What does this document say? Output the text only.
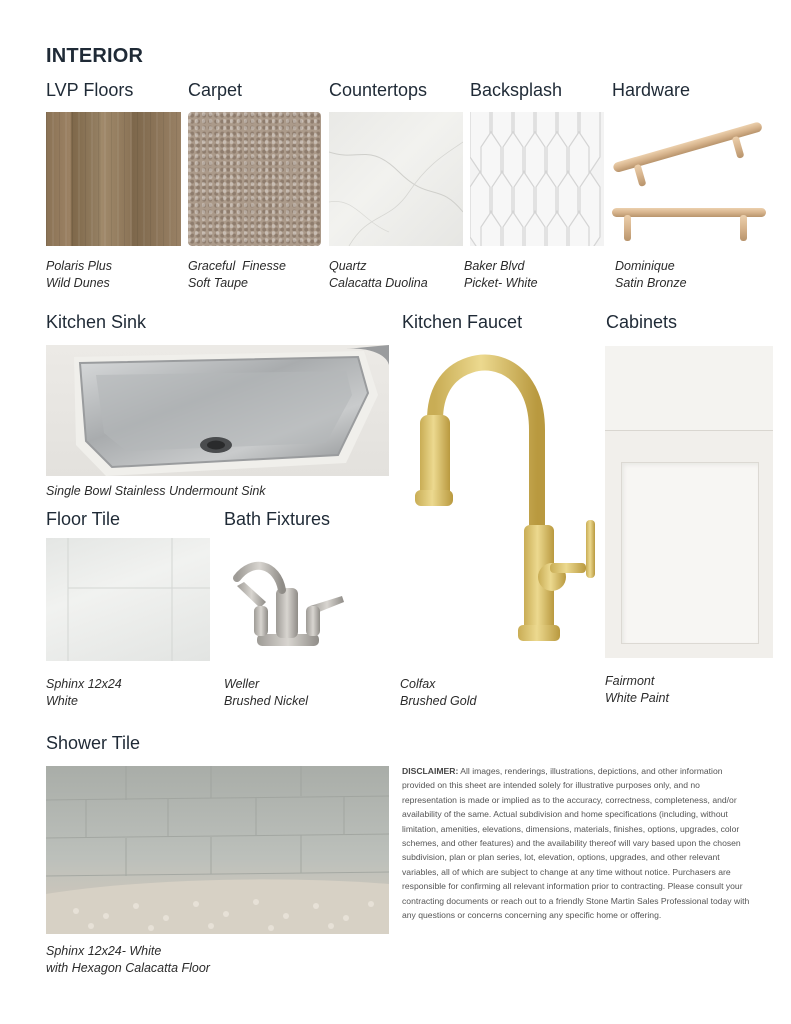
INTERIOR
LVP Floors	Carpet	Countertops Backsplash	Hardware
Polaris Plus
Wild Dunes
Graceful  Finesse
Soft Taupe
Quartz
Calacatta Duolina
Baker Blvd
Picket- White
Dominique
Satin Bronze
Kitchen Sink	Kitchen Faucet	Cabinets
Single Bowl Stainless Undermount Sink
Floor Tile	Bath Fixtures
Sphinx 12x24
White
Weller
Brushed Nickel
Colfax
Brushed Gold
Fairmont
White Paint
Shower Tile
Sphinx 12x24- White
with Hexagon Calacatta Floor
DISCLAIMER: All images, renderings, illustrations, depictions, and other information provided on this sheet are intended solely for illustrative purposes only, and no representation is made or implied as to the accuracy, correctness, completeness, and/or availability of the same. Actual subdivision and home specifications (including, without limitation, amenities, elevations, dimensions, materials, finishes, options, upgrades, color schemes, and other features) and the availability thereof will vary based upon the chosen subdivision, plan or plan series, lot, elevation, options, upgrades, and other relevant variables, all of which are subject to change at any time without notice. Purchasers are responsible for confirming all relevant information prior to contracting. Please consult your contracting documents or reach out to a friendly Stone Martin Sales Professional today with any questions or concerns concerning any specific home or offering.
